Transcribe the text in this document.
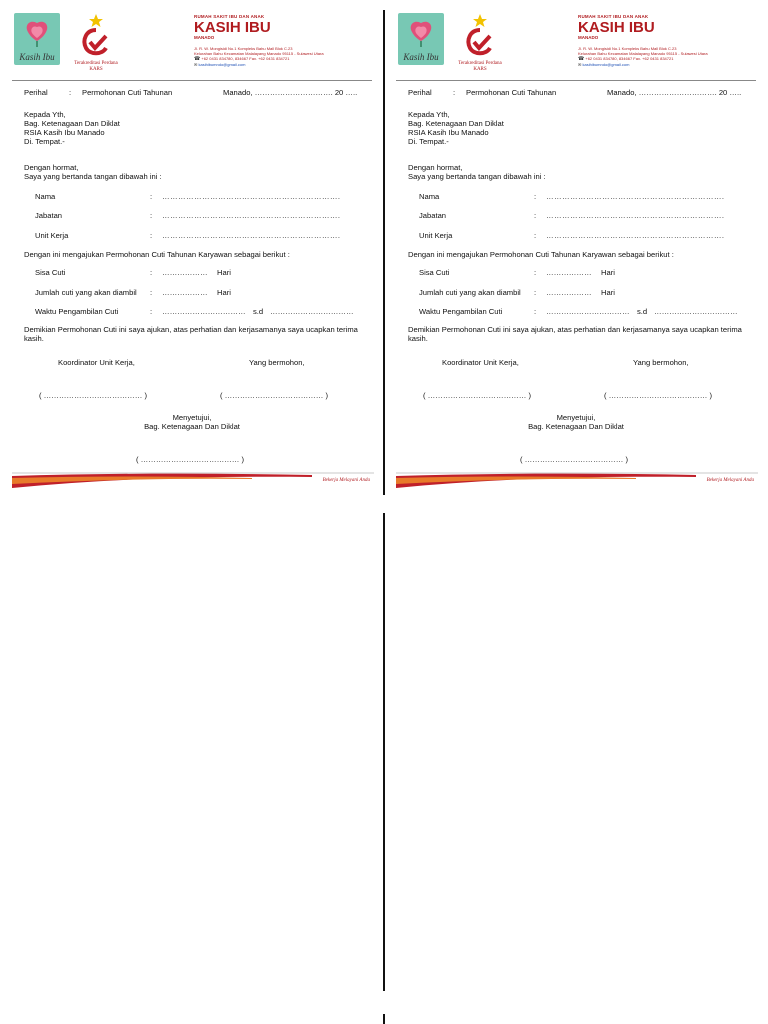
Kasih Ibu
Terakreditasi Perdana KARS
RUMAH SAKIT IBU DAN ANAK
KASIH IBU
MANADO
Jl. R. W. Mongisidi No.1 Kompleks Bahu Mall Blok C.23
Kelurahan Bahu Kecamatan Malalayang Manado 95115 - Sulawesi Utara
☎ +62 0431 834780, 834667 Fax. +62 0431 834721
✉ kasihibumndo@gmail.com
Perihal	: Permohonan Cuti Tahunan	Manado, …………………………. 20 …..
Kepada Yth,
Bag. Ketenagaan Dan Diklat
RSIA Kasih Ibu Manado
Di. Tempat.-
Dengan hormat,
Saya yang bertanda tangan dibawah ini :
Nama	: ………………………………………………………….
Jabatan	: ………………………………………………………….
Unit Kerja	: ………………………………………………………….
Dengan ini mengajukan Permohonan Cuti Tahunan Karyawan sebagai berikut :
Sisa Cuti	: ……………… Hari
Jumlah cuti yang akan diambil : ……………… Hari
Waktu Pengambilan Cuti	: …………………………… s.d ……………………………
Demikian Permohonan Cuti ini saya ajukan, atas perhatian dan kerjasamanya saya ucapkan terima kasih.
Koordinator Unit Kerja,	Yang bermohon,
( ………………………………… )	( ………………………………… )
Menyetujui,
Bag. Ketenagaan Dan Diklat
( ………………………………… )
Bekerja Melayani Anda
Kasih Ibu
Terakreditasi Perdana KARS
RUMAH SAKIT IBU DAN ANAK
KASIH IBU
MANADO
Jl. R. W. Mongisidi No.1 Kompleks Bahu Mall Blok C.23
Kelurahan Bahu Kecamatan Malalayang Manado 95115 - Sulawesi Utara
☎ +62 0431 834780, 834667 Fax. +62 0431 834721
✉ kasihibumndo@gmail.com
Perihal	: Permohonan Cuti Tahunan	Manado, …………………………. 20 …..
Kepada Yth,
Bag. Ketenagaan Dan Diklat
RSIA Kasih Ibu Manado
Di. Tempat.-
Dengan hormat,
Saya yang bertanda tangan dibawah ini :
Nama	: ………………………………………………………….
Jabatan	: ………………………………………………………….
Unit Kerja	: ………………………………………………………….
Dengan ini mengajukan Permohonan Cuti Tahunan Karyawan sebagai berikut :
Sisa Cuti	: ……………… Hari
Jumlah cuti yang akan diambil : ……………… Hari
Waktu Pengambilan Cuti	: …………………………… s.d ……………………………
Demikian Permohonan Cuti ini saya ajukan, atas perhatian dan kerjasamanya saya ucapkan terima kasih.
Koordinator Unit Kerja,	Yang bermohon,
( ………………………………… )	( ………………………………… )
Menyetujui,
Bag. Ketenagaan Dan Diklat
( ………………………………… )
Bekerja Melayani Anda
